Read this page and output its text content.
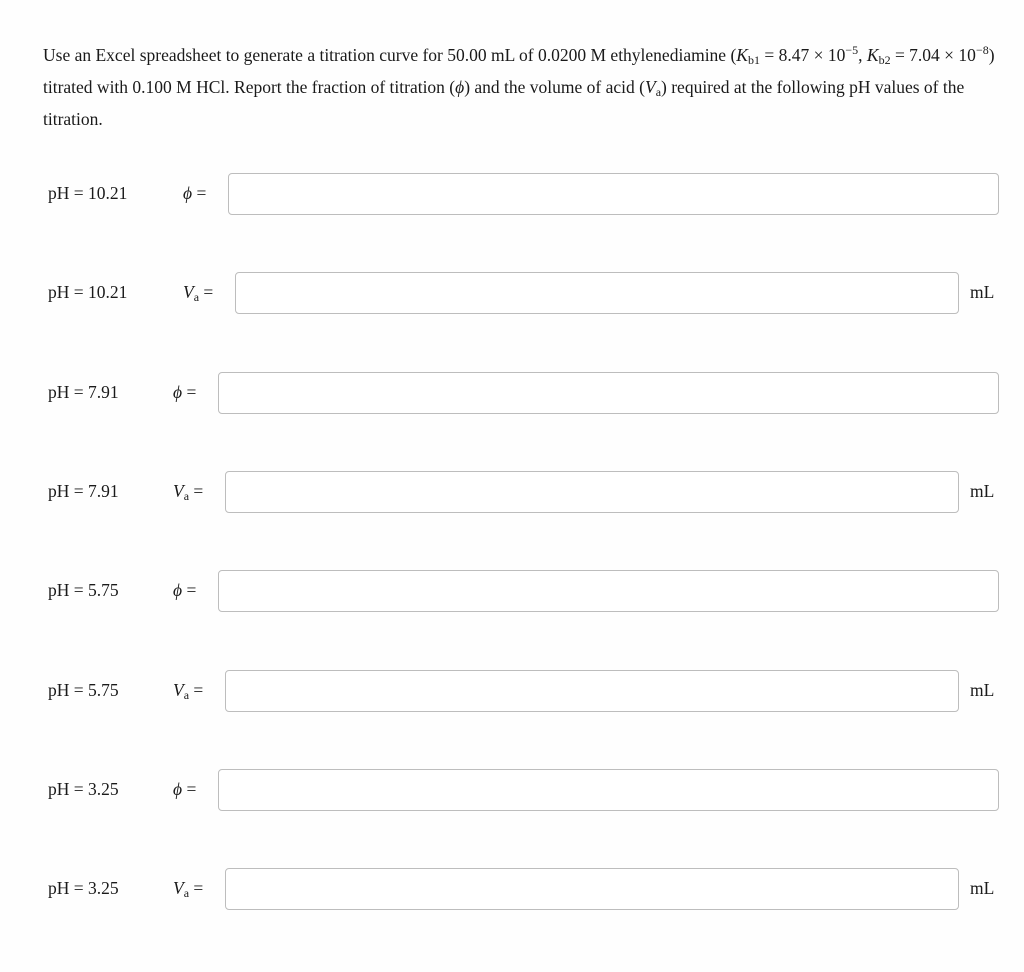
Use an Excel spreadsheet to generate a titration curve for 50.00 mL of 0.0200 M ethylenediamine ($K_{b1} = 8.47 \times 10^{-5}$, $K_{b2} = 7.04 \times 10^{-8}$) titrated with 0.100 M HCl. Report the fraction of titration (ϕ) and the volume of acid $(V_a)$ required at the following pH values of the titration.

pH = 10.21	ϕ =
pH = 10.21	$V_a$ =	mL
pH = 7.91	ϕ =
pH = 7.91	$V_a$ =	mL
pH = 5.75	ϕ =
pH = 5.75	$V_a$ =	mL
pH = 3.25	ϕ =
pH = 3.25	$V_a$ =	mL
